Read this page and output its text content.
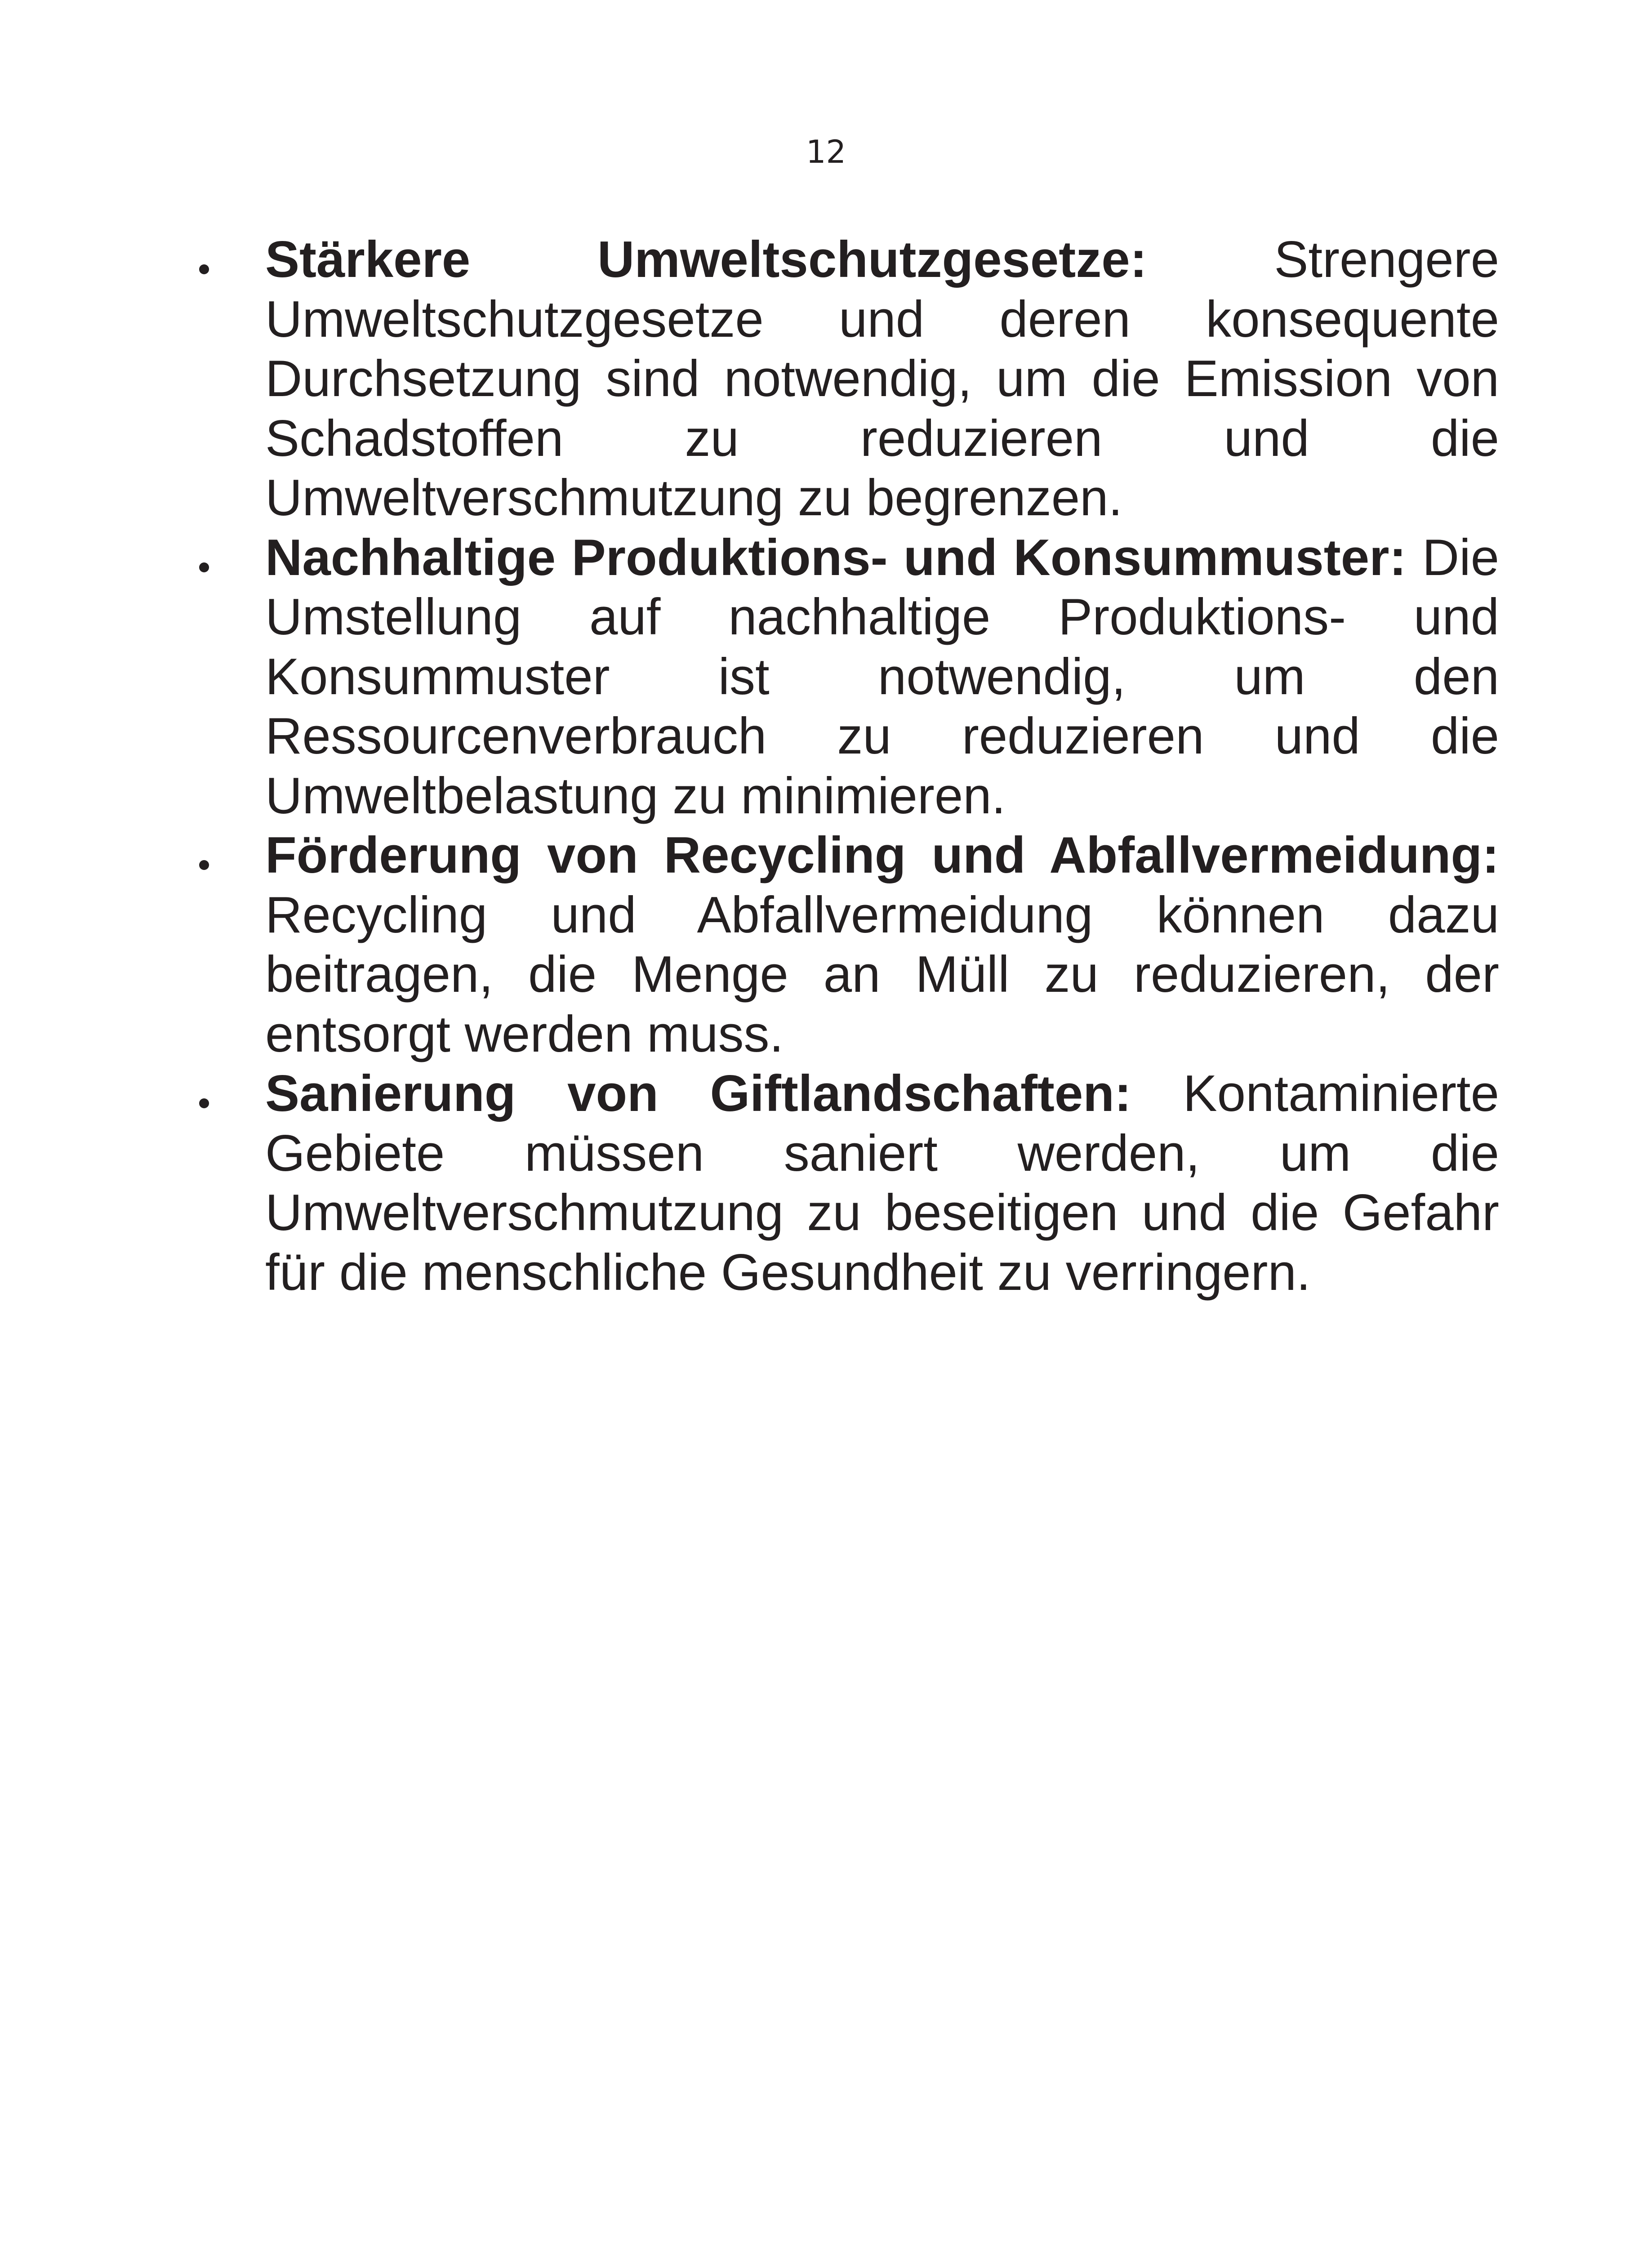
12
Stärkere Umweltschutzgesetze: Strengere Umweltschutzgesetze und deren konsequente Durchsetzung sind notwendig, um die Emission von Schadstoffen zu reduzieren und die Umweltverschmutzung zu begrenzen.
Nachhaltige Produktions- und Konsummuster: Die Umstellung auf nachhaltige Produktions- und Konsummuster ist notwendig, um den Ressourcenverbrauch zu reduzieren und die Umweltbelastung zu minimieren.
Förderung von Recycling und Abfallvermeidung: Recycling und Abfallvermeidung können dazu beitragen, die Menge an Müll zu reduzieren, der entsorgt werden muss.
Sanierung von Giftlandschaften: Kontaminierte Gebiete müssen saniert werden, um die Umweltverschmutzung zu beseitigen und die Gefahr für die menschliche Gesundheit zu verringern.
